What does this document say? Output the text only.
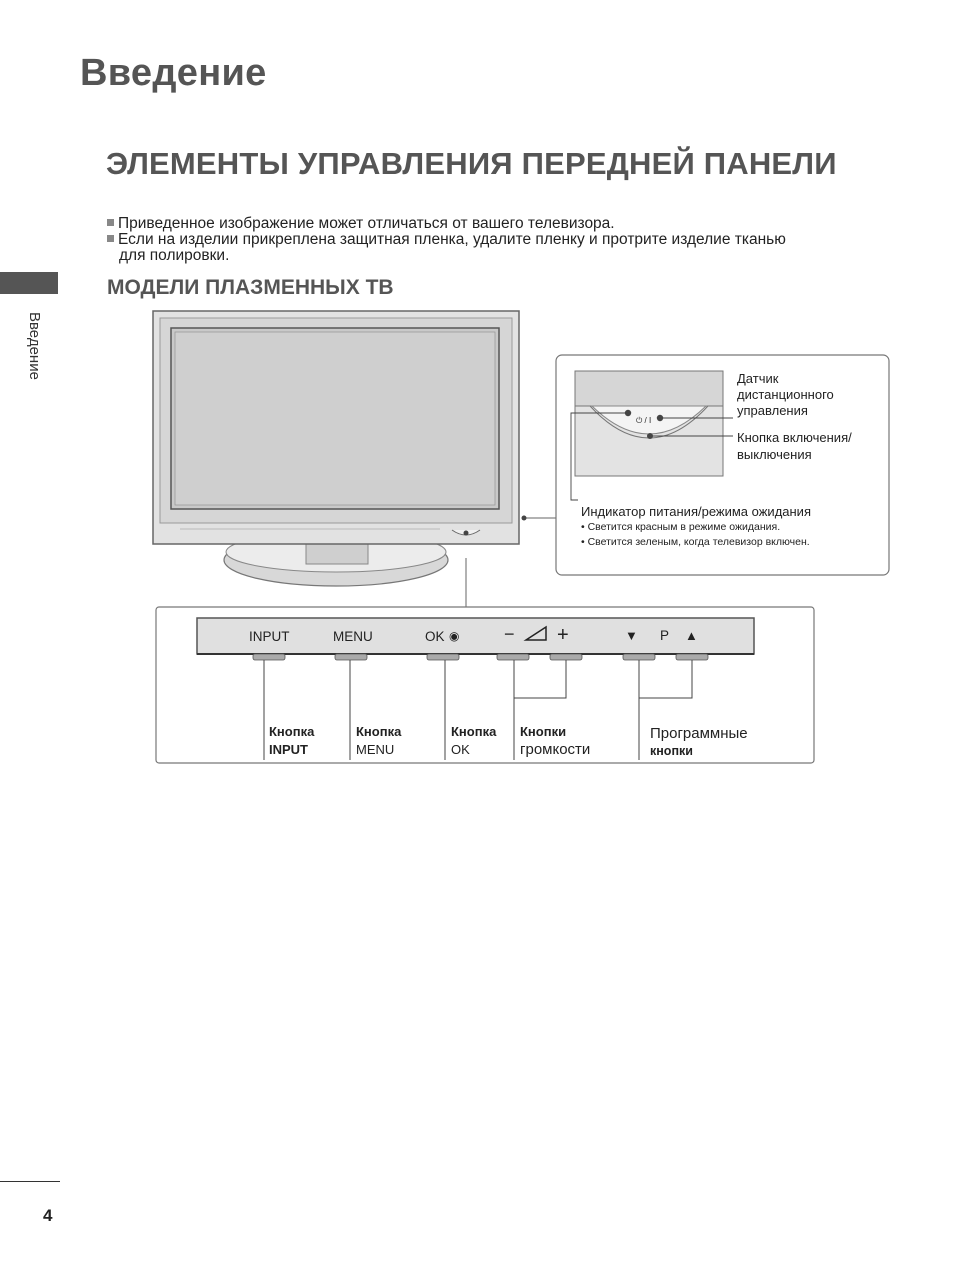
Введение
ЭЛЕМЕНТЫ УПРАВЛЕНИЯ ПЕРЕДНЕЙ ПАНЕЛИ
Приведенное изображение может отличаться от вашего телевизора.
Если на изделии прикреплена защитная пленка, удалите пленку и протрите изделие тканью
для полировки.
МОДЕЛИ ПЛАЗМЕННЫХ ТВ
Введение
4
Датчик
дистанционного
управления
Кнопка включения/
выключения
⏻ / I
Индикатор питания/режима ожидания
• Светится красным в режиме ожидания.
• Светится зеленым, когда телевизор включен.
INPUT	MENU	OK ◉ − +	▼ P ▲
Кнопка
INPUT
Кнопка
MENU
Кнопка
OK
Кнопки
громкости
Программные
кнопки
